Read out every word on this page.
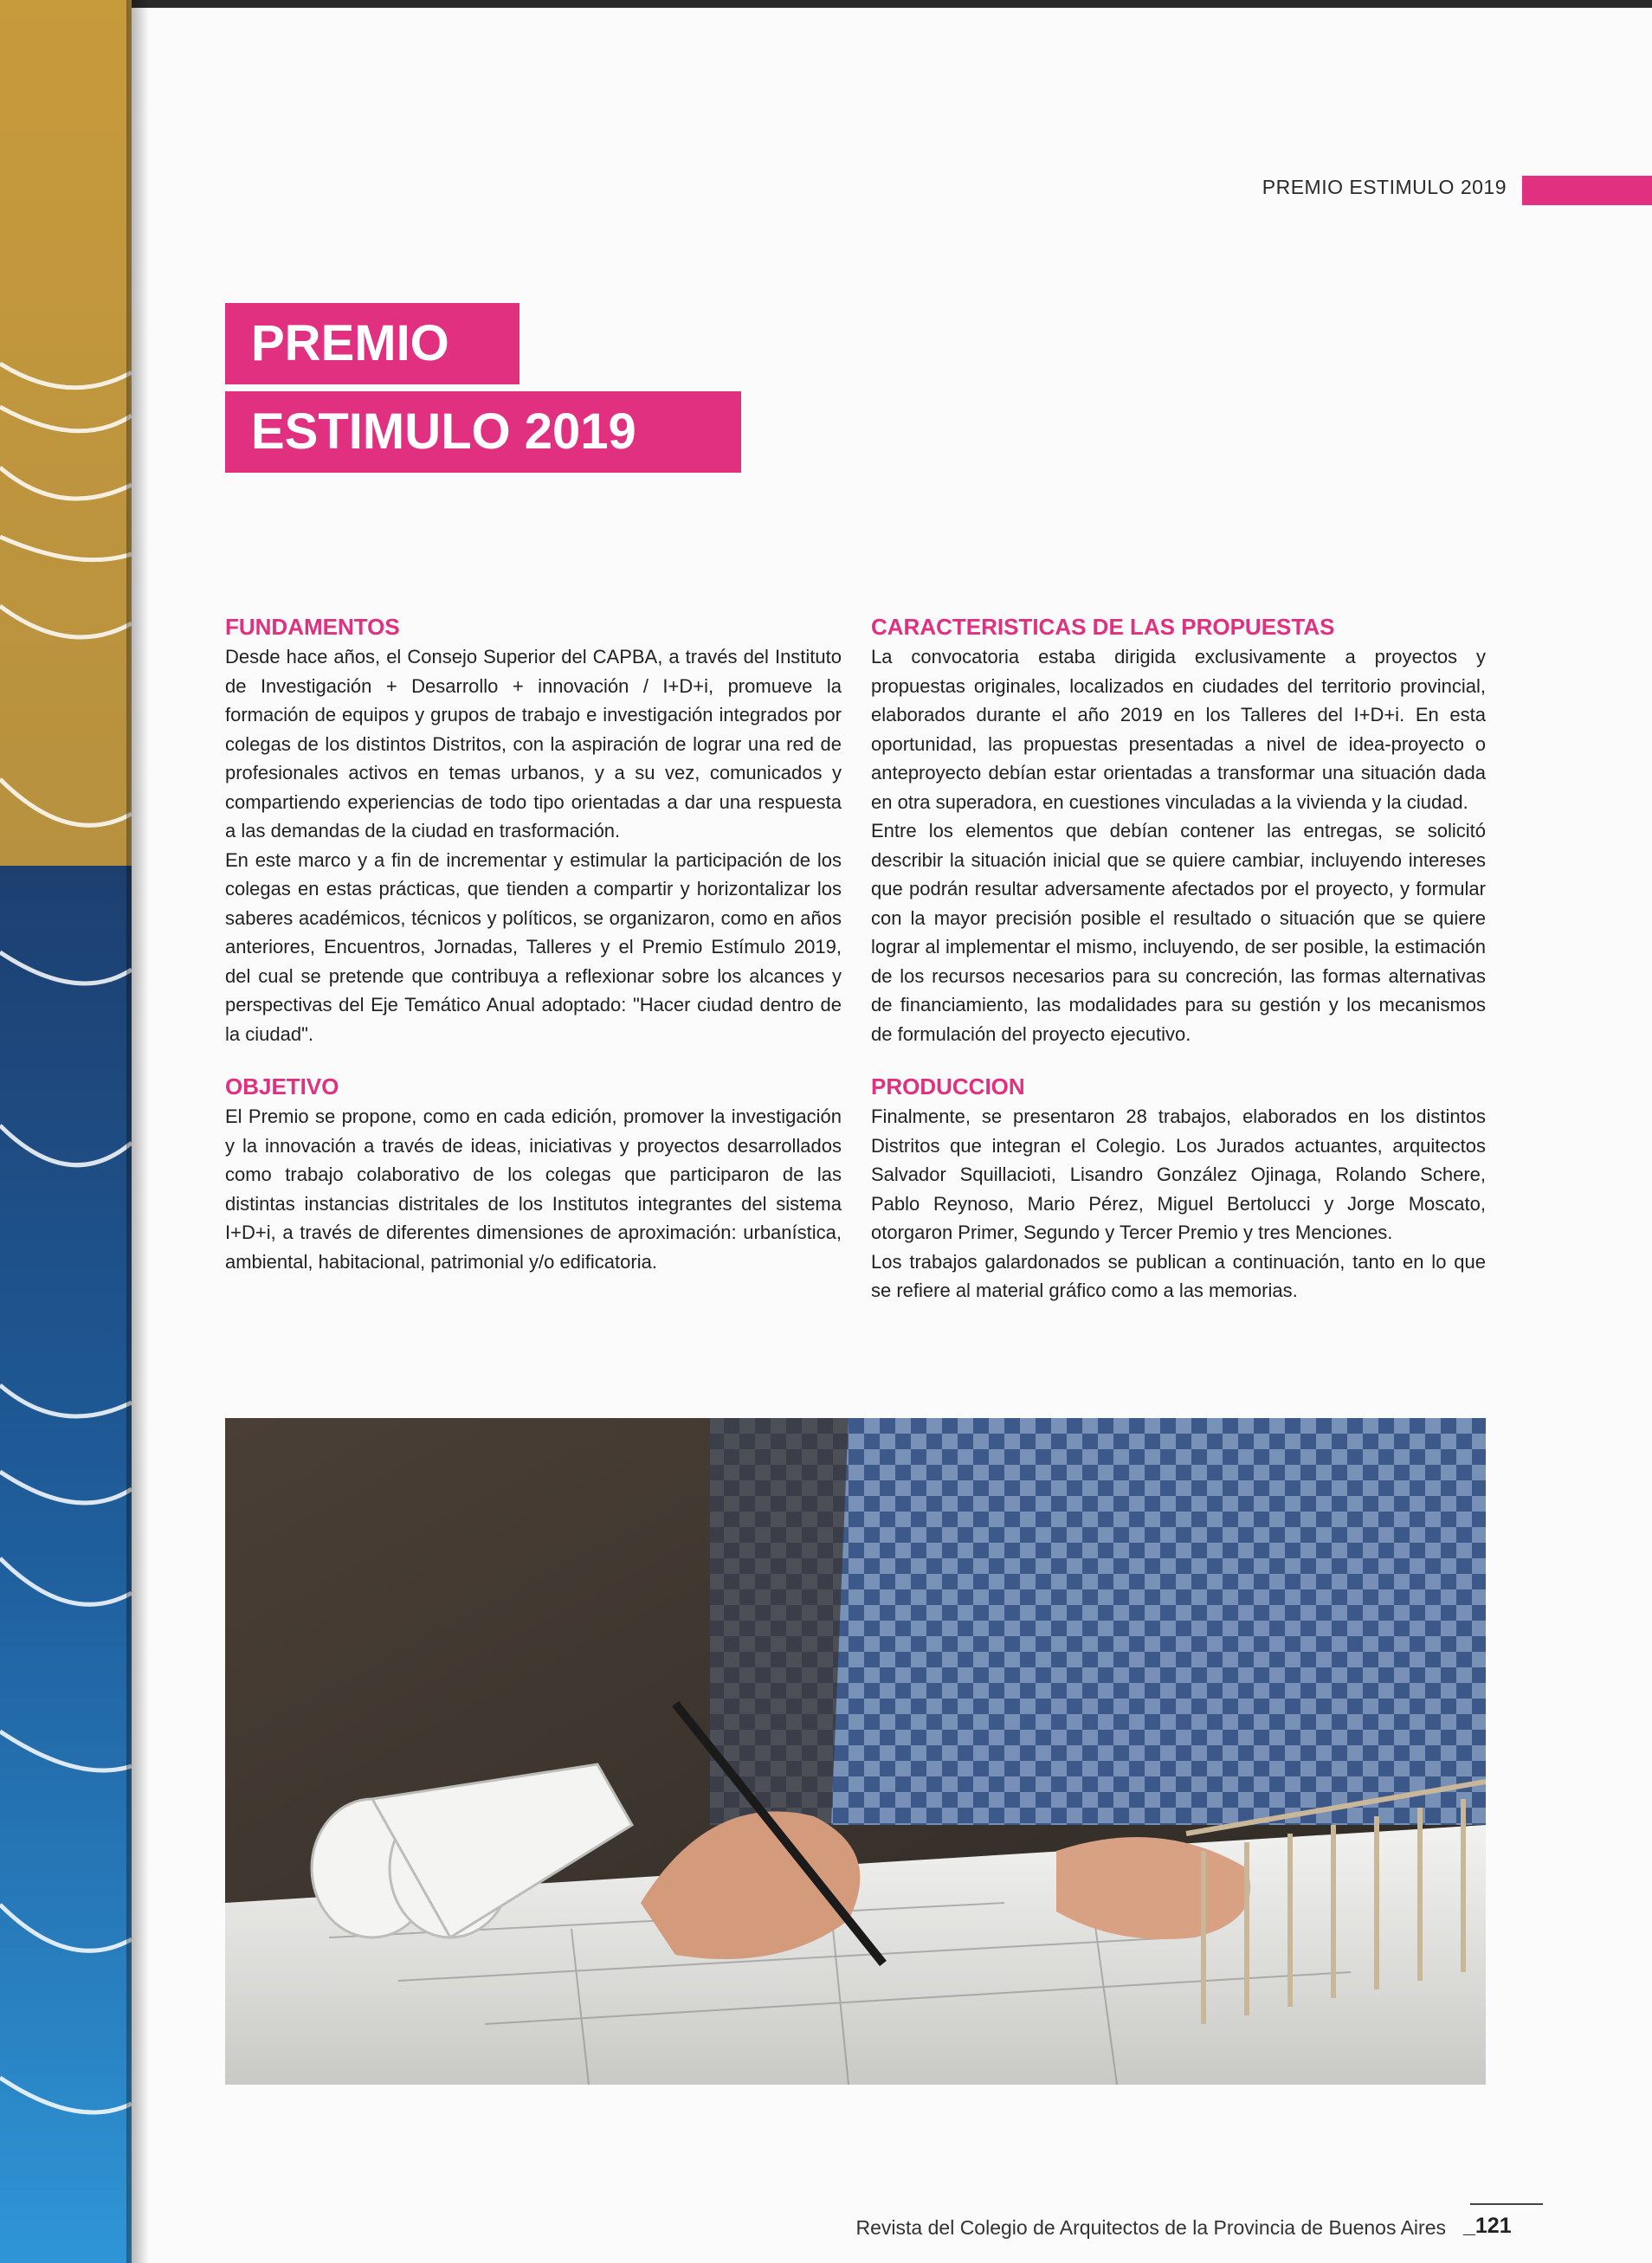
PREMIO ESTIMULO 2019
PREMIO
ESTIMULO 2019
FUNDAMENTOS

Desde hace años, el Consejo Superior del CAPBA, a través del Instituto de Investigación + Desarrollo + innovación / I+D+i, promueve la formación de equipos y grupos de trabajo e investigación integrados por colegas de los distintos Distritos, con la aspiración de lograr una red de profesionales activos en temas urbanos, y a su vez, comunicados y compartiendo experiencias de todo tipo orientadas a dar una respuesta a las demandas de la ciudad en trasformación.

En este marco y a fin de incrementar y estimular la participación de los colegas en estas prácticas, que tienden a compartir y horizontalizar los saberes académicos, técnicos y políticos, se organizaron, como en años anteriores, Encuentros, Jornadas, Talleres y el Premio Estímulo 2019, del cual se pretende que contribuya a reflexionar sobre los alcances y perspectivas del Eje Temático Anual adoptado: "Hacer ciudad dentro de la ciudad".

OBJETIVO

El Premio se propone, como en cada edición, promover la investigación y la innovación a través de ideas, iniciativas y proyectos desarrollados como trabajo colaborativo de los colegas que participaron de las distintas instancias distritales de los Institutos integrantes del sistema I+D+i, a través de diferentes dimensiones de aproximación: urbanística, ambiental, habitacional, patrimonial y/o edificatoria.

CARACTERISTICAS DE LAS PROPUESTAS

La convocatoria estaba dirigida exclusivamente a proyectos y propuestas originales, localizados en ciudades del territorio provincial, elaborados durante el año 2019 en los Talleres del I+D+i. En esta oportunidad, las propuestas presentadas a nivel de idea-proyecto o anteproyecto debían estar orientadas a transformar una situación dada en otra superadora, en cuestiones vinculadas a la vivienda y la ciudad.

Entre los elementos que debían contener las entregas, se solicitó describir la situación inicial que se quiere cambiar, incluyendo intereses que podrán resultar adversamente afectados por el proyecto, y formular con la mayor precisión posible el resultado o situación que se quiere lograr al implementar el mismo, incluyendo, de ser posible, la estimación de los recursos necesarios para su concreción, las formas alternativas de financiamiento, las modalidades para su gestión y los mecanismos de formulación del proyecto ejecutivo.

PRODUCCION

Finalmente, se presentaron 28 trabajos, elaborados en los distintos Distritos que integran el Colegio. Los Jurados actuantes, arquitectos Salvador Squillacioti, Lisandro González Ojinaga, Rolando Schere, Pablo Reynoso, Mario Pérez, Miguel Bertolucci y Jorge Moscato, otorgaron Primer, Segundo y Tercer Premio y tres Menciones.

Los trabajos galardonados se publican a continuación, tanto en lo que se refiere al material gráfico como a las memorias.

Revista del Colegio de Arquitectos de la Provincia de Buenos Aires _121
